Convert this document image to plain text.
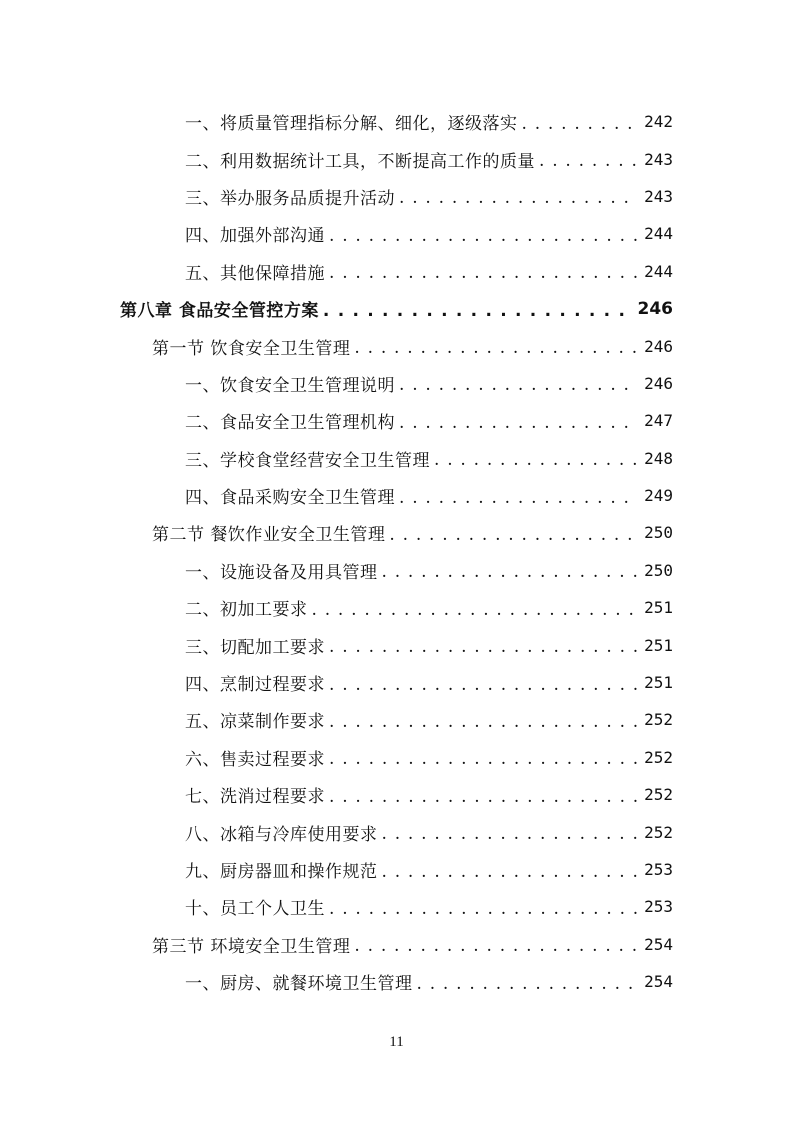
一、将质量管理指标分解、细化，逐级落实 . . .	242
二、利用数据统计工具，不断提高工作的质量 . . .	243
三、举办服务品质提升活动 . . .	243
四、加强外部沟通 . . .	244
五、其他保障措施 . . .	244
第八章 食品安全管控方案 . . .	246
第一节 饮食安全卫生管理 . . .	246
一、饮食安全卫生管理说明 . . .	246
二、食品安全卫生管理机构 . . .	247
三、学校食堂经营安全卫生管理 . . .	248
四、食品采购安全卫生管理 . . .	249
第二节 餐饮作业安全卫生管理 . . .	250
一、设施设备及用具管理 . . .	250
二、初加工要求 . . .	251
三、切配加工要求 . . .	251
四、烹制过程要求 . . .	251
五、凉菜制作要求 . . .	252
六、售卖过程要求 . . .	252
七、洗消过程要求 . . .	252
八、冰箱与冷库使用要求 . . .	252
九、厨房器皿和操作规范 . . .	253
十、员工个人卫生 . . .	253
第三节 环境安全卫生管理 . . .	254
一、厨房、就餐环境卫生管理 . . .	254
11
